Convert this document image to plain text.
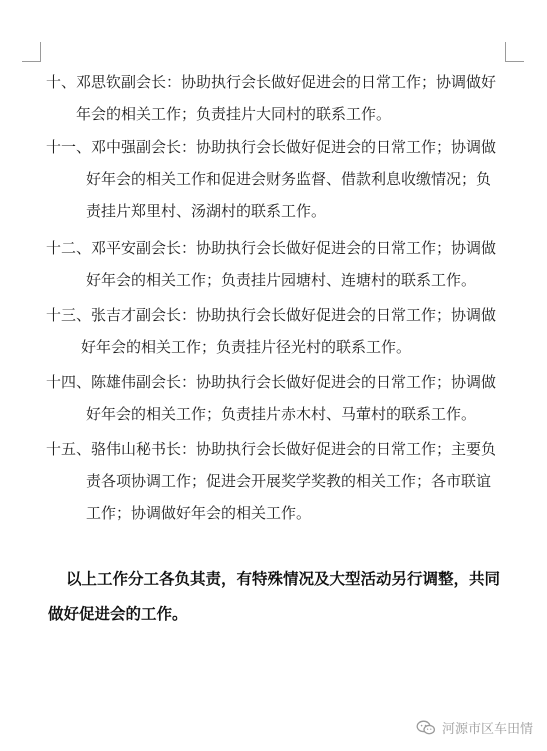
十、邓思钦副会长：协助执行会长做好促进会的日常工作；协调做好
年会的相关工作；负责挂片大同村的联系工作。
十一、邓中强副会长：协助执行会长做好促进会的日常工作；协调做
好年会的相关工作和促进会财务监督、借款利息收缴情况；负
责挂片郑里村、汤湖村的联系工作。
十二、邓平安副会长：协助执行会长做好促进会的日常工作；协调做
好年会的相关工作；负责挂片园塘村、连塘村的联系工作。
十三、张吉才副会长：协助执行会长做好促进会的日常工作；协调做
好年会的相关工作；负责挂片径光村的联系工作。
十四、陈雄伟副会长：协助执行会长做好促进会的日常工作；协调做
好年会的相关工作；负责挂片赤木村、马葷村的联系工作。
十五、骆伟山秘书长：协助执行会长做好促进会的日常工作；主要负
责各项协调工作；促进会开展奖学奖教的相关工作；各市联谊
工作；协调做好年会的相关工作。
以上工作分工各负其责，有特殊情况及大型活动另行调整，共同
做好促进会的工作。
河源市区车田情
